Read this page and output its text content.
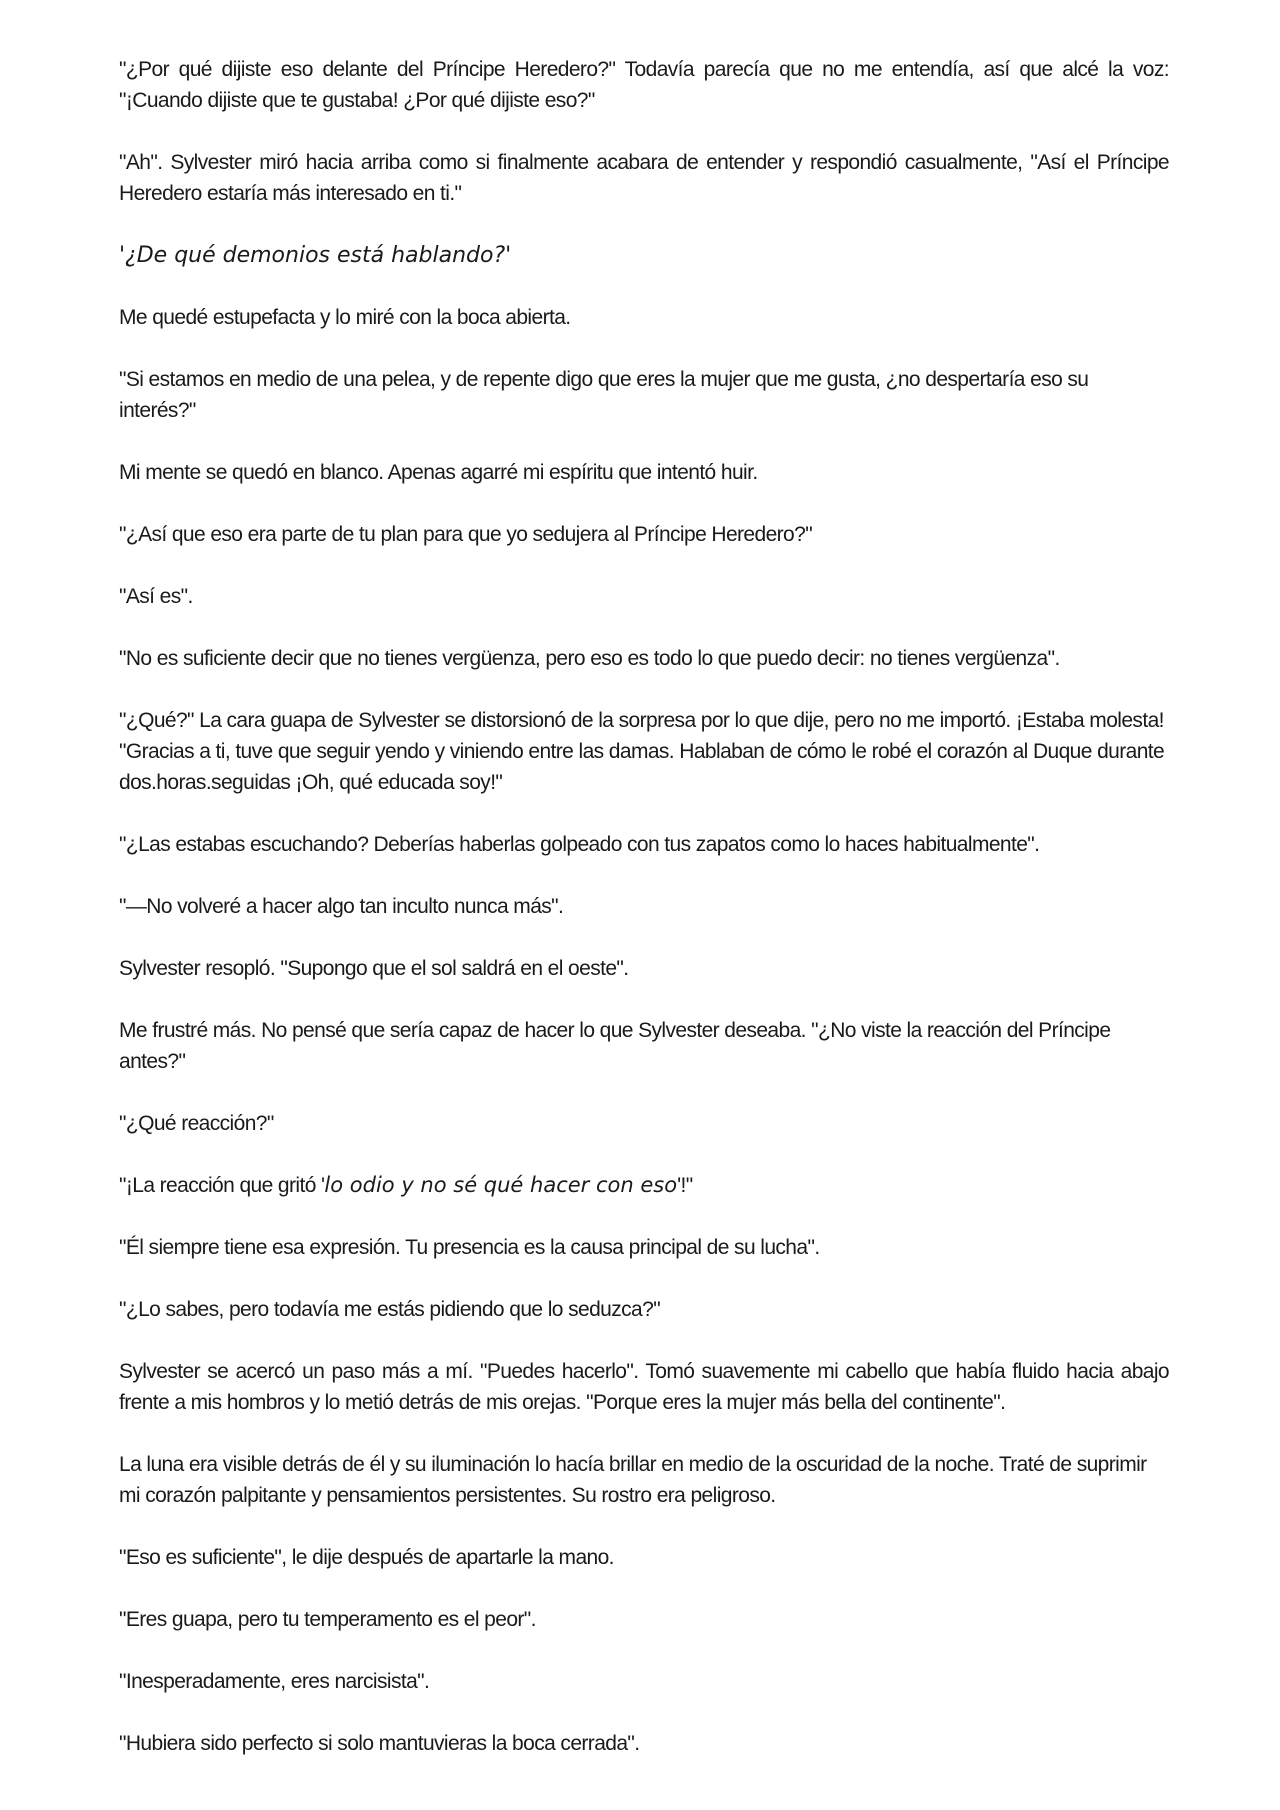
"¿Por qué dijiste eso delante del Príncipe Heredero?" Todavía parecía que no me entendía, así que alcé la voz: "¡Cuando dijiste que te gustaba! ¿Por qué dijiste eso?"

"Ah". Sylvester miró hacia arriba como si finalmente acabara de entender y respondió casualmente, "Así el Príncipe Heredero estaría más interesado en ti."

'¿De qué demonios está hablando?'

Me quedé estupefacta y lo miré con la boca abierta.

"Si estamos en medio de una pelea, y de repente digo que eres la mujer que me gusta, ¿no despertaría eso su interés?"

Mi mente se quedó en blanco. Apenas agarré mi espíritu que intentó huir.

"¿Así que eso era parte de tu plan para que yo sedujera al Príncipe Heredero?"

"Así es".

"No es suficiente decir que no tienes vergüenza, pero eso es todo lo que puedo decir: no tienes vergüenza".

"¿Qué?" La cara guapa de Sylvester se distorsionó de la sorpresa por lo que dije, pero no me importó. ¡Estaba molesta! "Gracias a ti, tuve que seguir yendo y viniendo entre las damas. Hablaban de cómo le robé el corazón al Duque durante dos.horas.seguidas ¡Oh, qué educada soy!"

"¿Las estabas escuchando? Deberías haberlas golpeado con tus zapatos como lo haces habitualmente".

"—No volveré a hacer algo tan inculto nunca más".

Sylvester resopló. "Supongo que el sol saldrá en el oeste".

Me frustré más. No pensé que sería capaz de hacer lo que Sylvester deseaba. "¿No viste la reacción del Príncipe antes?"

"¿Qué reacción?"

"¡La reacción que gritó 'lo odio y no sé qué hacer con eso'!"

"Él siempre tiene esa expresión. Tu presencia es la causa principal de su lucha".

"¿Lo sabes, pero todavía me estás pidiendo que lo seduzca?"

Sylvester se acercó un paso más a mí. "Puedes hacerlo". Tomó suavemente mi cabello que había fluido hacia abajo frente a mis hombros y lo metió detrás de mis orejas. "Porque eres la mujer más bella del continente".

La luna era visible detrás de él y su iluminación lo hacía brillar en medio de la oscuridad de la noche. Traté de suprimir mi corazón palpitante y pensamientos persistentes. Su rostro era peligroso.

"Eso es suficiente", le dije después de apartarle la mano.

"Eres guapa, pero tu temperamento es el peor".

"Inesperadamente, eres narcisista".

"Hubiera sido perfecto si solo mantuvieras la boca cerrada".
